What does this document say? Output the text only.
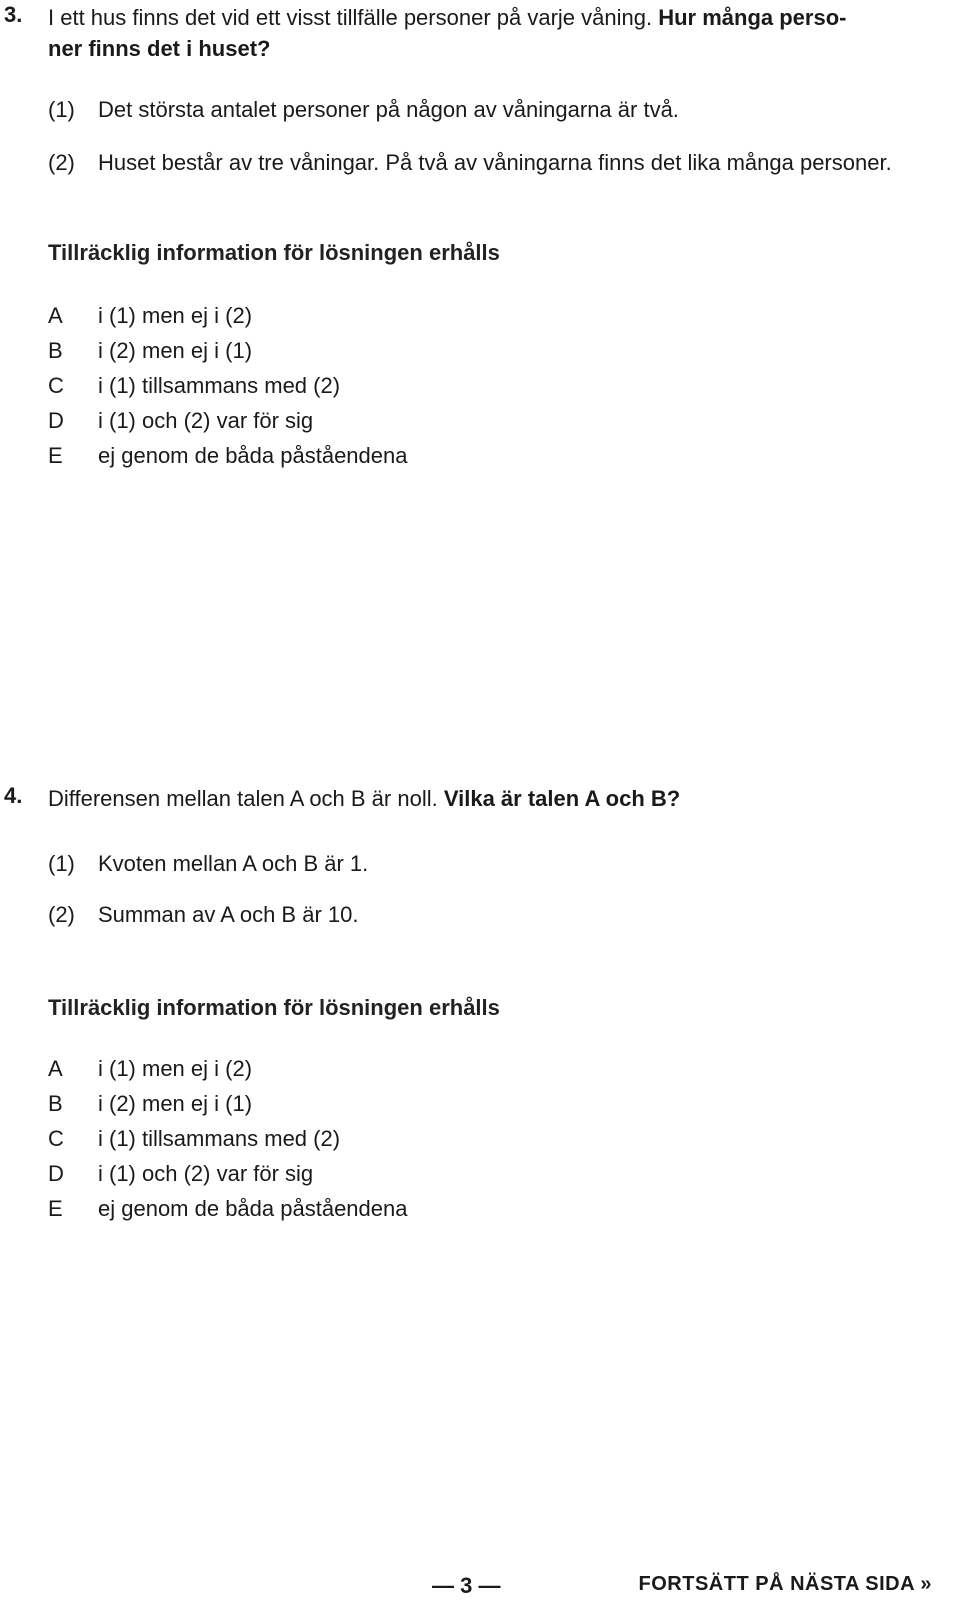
3. I ett hus finns det vid ett visst tillfälle personer på varje våning. Hur många perso-
ner finns det i huset?
(1) Det största antalet personer på någon av våningarna är två.
(2) Huset består av tre våningar. På två av våningarna finns det lika många personer.
Tillräcklig information för lösningen erhålls
A	i (1) men ej i (2)
B	i (2) men ej i (1)
C	i (1) tillsammans med (2)
D	i (1) och (2) var för sig
E	ej genom de båda påståendena
4. Differensen mellan talen A och B är noll. Vilka är talen A och B?
(1) Kvoten mellan A och B är 1.
(2) Summan av A och B är 10.
Tillräcklig information för lösningen erhålls
A	i (1) men ej i (2)
B	i (2) men ej i (1)
C	i (1) tillsammans med (2)
D	i (1) och (2) var för sig
E	ej genom de båda påståendena
— 3 —	FORTSÄTT PÅ NÄSTA SIDA »
